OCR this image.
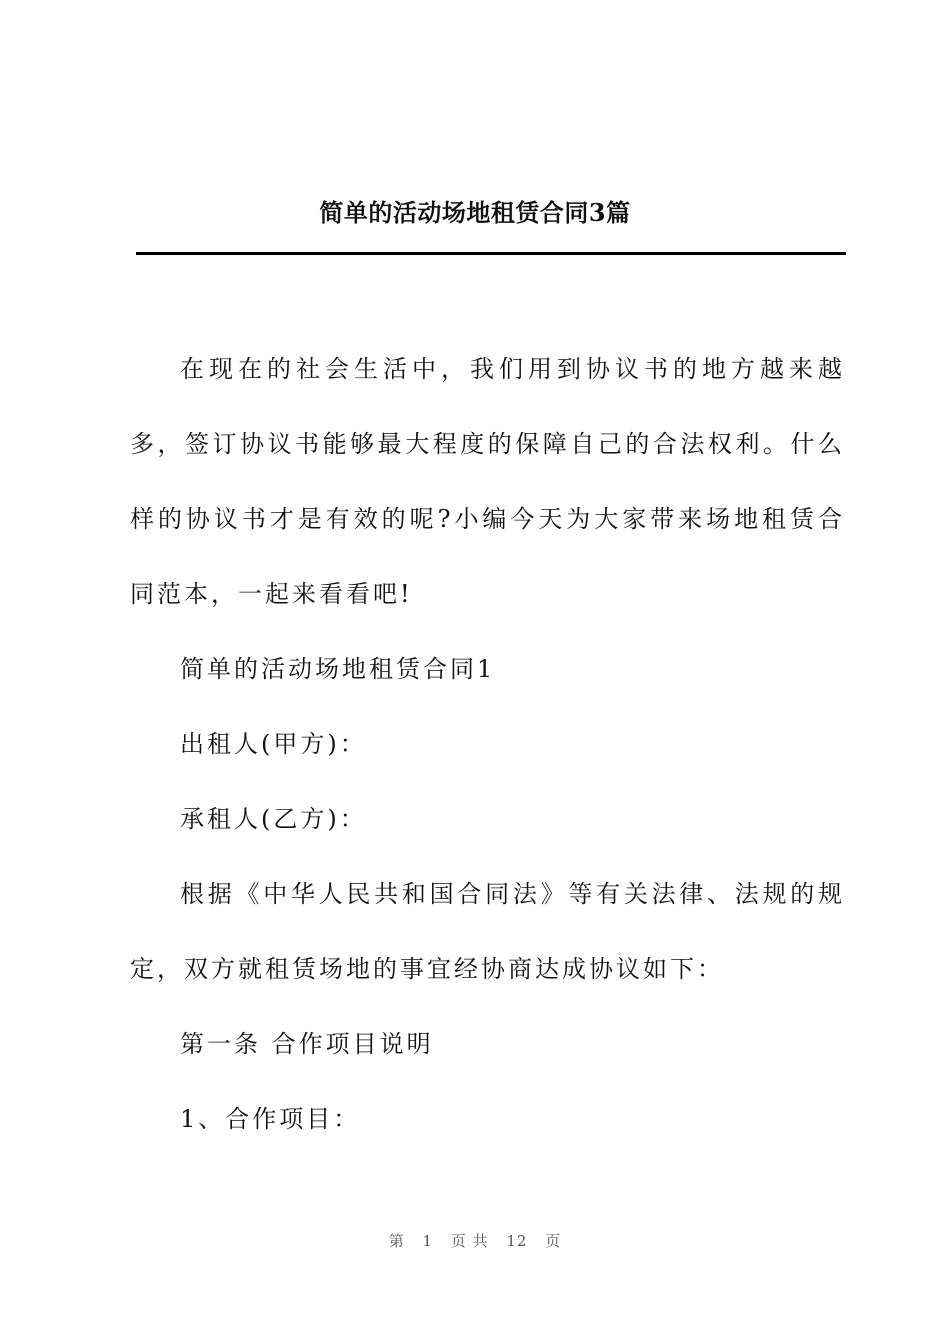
简单的活动场地租赁合同3篇

在现在的社会生活中，我们用到协议书的地方越来越多，签订协议书能够最大程度的保障自己的合法权利。什么样的协议书才是有效的呢?小编今天为大家带来场地租赁合同范本，一起来看看吧!

简单的活动场地租赁合同1

出租人(甲方)：

承租人(乙方)：

根据《中华人民共和国合同法》等有关法律、法规的规定，双方就租赁场地的事宜经协商达成协议如下：

第一条 合作项目说明

1、合作项目：

第 1 页 共 12 页
